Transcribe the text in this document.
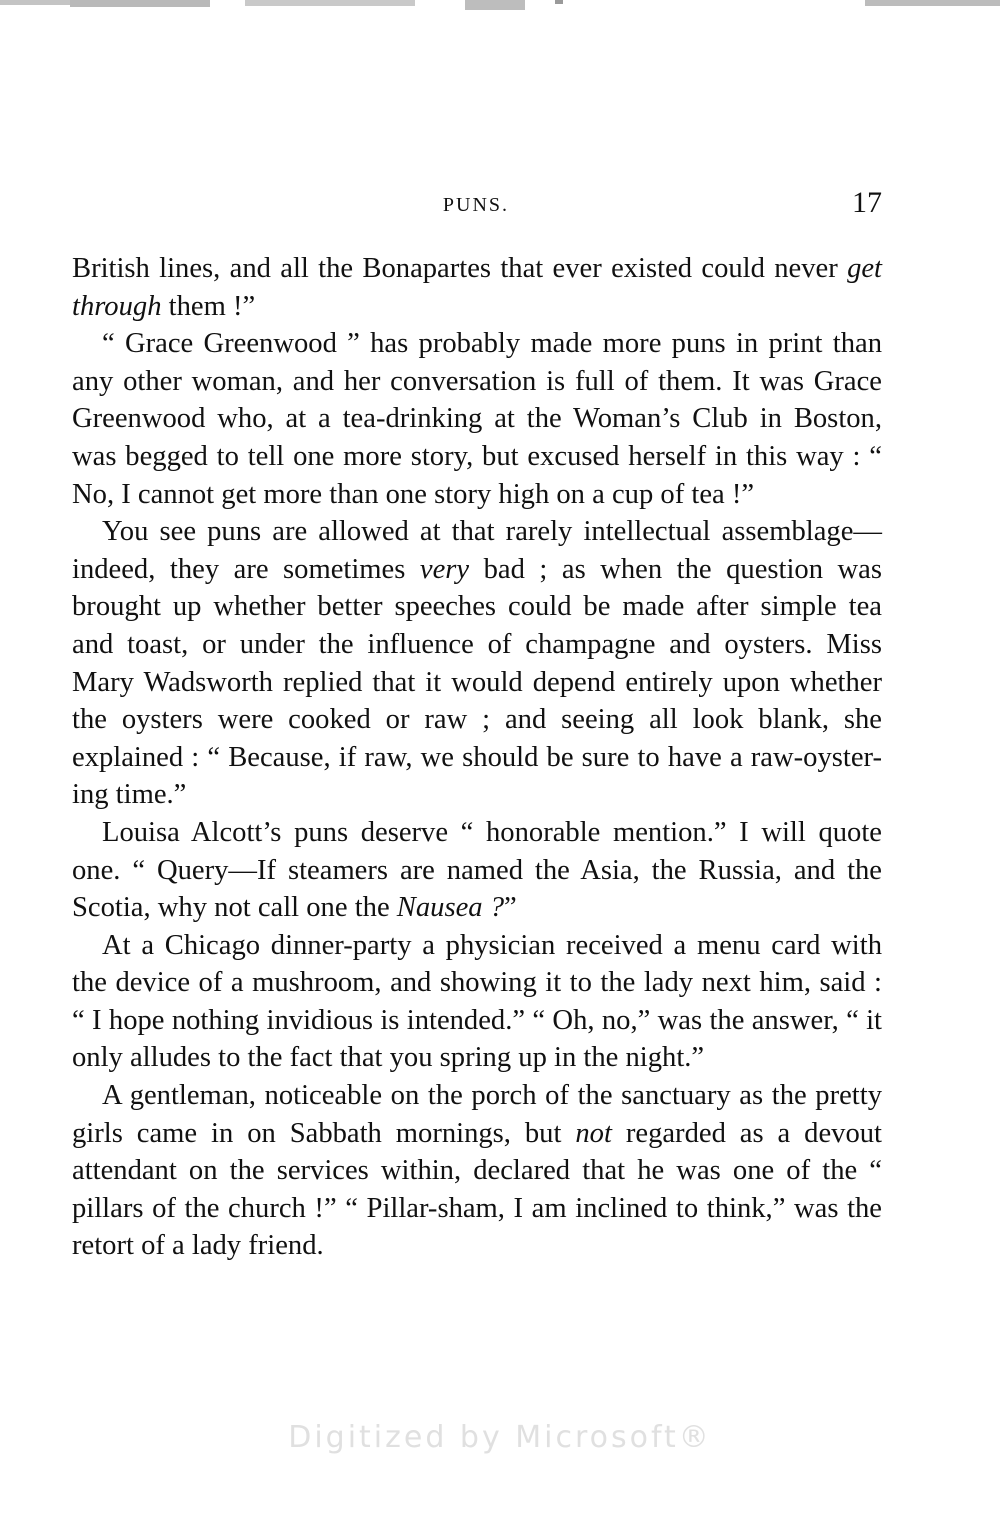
PUNS.	17

British lines, and all the Bonapartes that ever existed could never get through them !”

“ Grace Greenwood ” has probably made more puns in print than any other woman, and her conversation is full of them. It was Grace Greenwood who, at a tea-drinking at the Woman’s Club in Boston, was begged to tell one more story, but excused herself in this way : “ No, I cannot get more than one story high on a cup of tea !”

You see puns are allowed at that rarely intellectual assemblage—indeed, they are sometimes very bad ; as when the question was brought up whether better speeches could be made after simple tea and toast, or under the influence of champagne and oysters. Miss Mary Wadsworth replied that it would depend entirely upon whether the oysters were cooked or raw ; and seeing all look blank, she explained : “ Because, if raw, we should be sure to have a raw-oyster-ing time.”

Louisa Alcott’s puns deserve “ honorable mention.” I will quote one. “ Query—If steamers are named the Asia, the Russia, and the Scotia, why not call one the Nausea ?”

At a Chicago dinner-party a physician received a menu card with the device of a mushroom, and showing it to the lady next him, said : “ I hope nothing invidious is intended.” “ Oh, no,” was the answer, “ it only alludes to the fact that you spring up in the night.”

A gentleman, noticeable on the porch of the sanctuary as the pretty girls came in on Sabbath mornings, but not regarded as a devout attendant on the services within, declared that he was one of the “ pillars of the church !” “ Pillar-sham, I am inclined to think,” was the retort of a lady friend.

Digitized by Microsoft®
